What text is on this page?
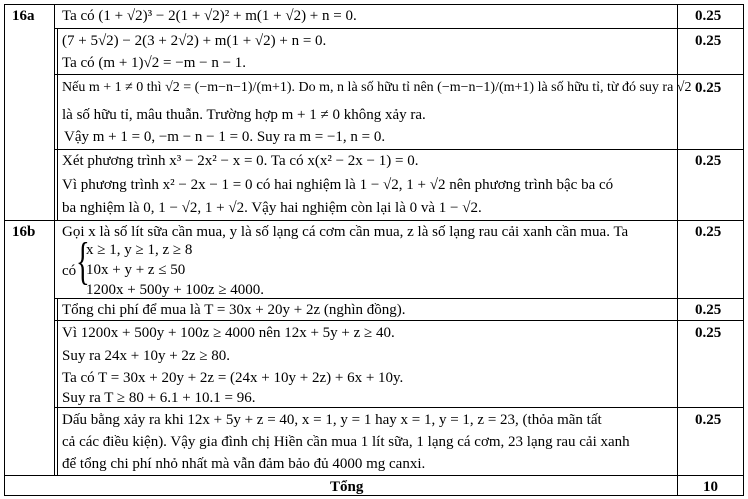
16a
16b
Ta có (1 + √2)³ − 2(1 + √2)² + m(1 + √2) + n = 0.
(7 + 5√2) − 2(3 + 2√2) + m(1 + √2) + n = 0.
Ta có (m + 1)√2 = −m − n − 1.
Nếu m + 1 ≠ 0 thì √2 = (−m−n−1)/(m+1). Do m, n là số hữu tỉ nên (−m−n−1)/(m+1) là số hữu tỉ, từ đó suy ra √2
là số hữu tỉ, mâu thuẫn. Trường hợp m + 1 ≠ 0 không xảy ra.
Vậy m + 1 = 0, −m − n − 1 = 0. Suy ra m = −1, n = 0.
Xét phương trình x³ − 2x² − x = 0. Ta có x(x² − 2x − 1) = 0.
Vì phương trình x² − 2x − 1 = 0 có hai nghiệm là 1 − √2, 1 + √2 nên phương trình bậc ba có
ba nghiệm là 0, 1 − √2, 1 + √2. Vậy hai nghiệm còn lại là 0 và 1 − √2.
Gọi x là số lít sữa cần mua, y là số lạng cá cơm cần mua, z là số lạng rau cải xanh cần mua. Ta
có {
x ≥ 1, y ≥ 1, z ≥ 8
10x + y + z ≤ 50
1200x + 500y + 100z ≥ 4000.
Tổng chi phí để mua là T = 30x + 20y + 2z (nghìn đồng).
Vì 1200x + 500y + 100z ≥ 4000 nên 12x + 5y + z ≥ 40.
Suy ra 24x + 10y + 2z ≥ 80.
Ta có T = 30x + 20y + 2z = (24x + 10y + 2z) + 6x + 10y.
Suy ra T ≥ 80 + 6.1 + 10.1 = 96.
Dấu bằng xảy ra khi 12x + 5y + z = 40, x = 1, y = 1 hay x = 1, y = 1, z = 23, (thỏa mãn tất
cả các điều kiện). Vậy gia đình chị Hiền cần mua 1 lít sữa, 1 lạng cá cơm, 23 lạng rau cải xanh
để tổng chi phí nhỏ nhất mà vẫn đảm bảo đủ 4000 mg canxi.
0.25
0.25
0.25
0.25
0.25
0.25
0.25
0.25
Tổng	10
